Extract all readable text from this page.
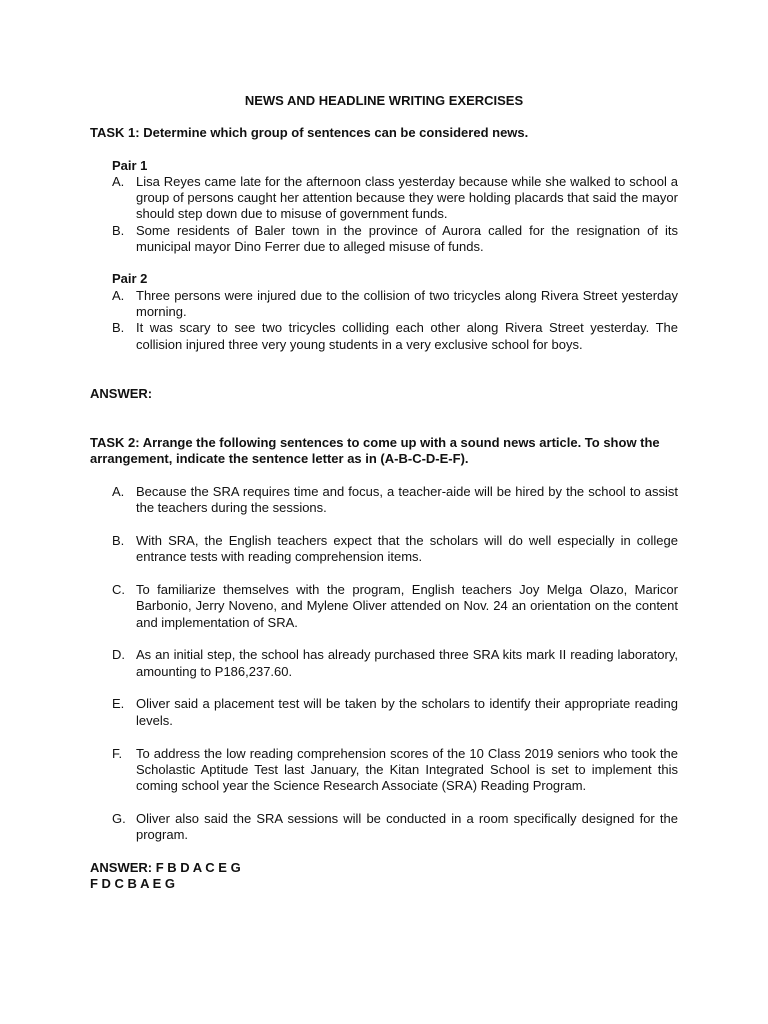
NEWS AND HEADLINE WRITING EXERCISES
TASK 1: Determine which group of sentences can be considered news.
Pair 1
A. Lisa Reyes came late for the afternoon class yesterday because while she walked to school a group of persons caught her attention because they were holding placards that said the mayor should step down due to misuse of government funds.
B. Some residents of Baler town in the province of Aurora called for the resignation of its municipal mayor Dino Ferrer due to alleged misuse of funds.
Pair 2
A. Three persons were injured due to the collision of two tricycles along Rivera Street yesterday morning.
B. It was scary to see two tricycles colliding each other along Rivera Street yesterday. The collision injured three very young students in a very exclusive school for boys.
ANSWER:
TASK 2: Arrange the following sentences to come up with a sound news article. To show the arrangement, indicate the sentence letter as in (A-B-C-D-E-F).
A. Because the SRA requires time and focus, a teacher-aide will be hired by the school to assist the teachers during the sessions.
B. With SRA, the English teachers expect that the scholars will do well especially in college entrance tests with reading comprehension items.
C. To familiarize themselves with the program, English teachers Joy Melga Olazo, Maricor Barbonio, Jerry Noveno, and Mylene Oliver attended on Nov. 24 an orientation on the content and implementation of SRA.
D. As an initial step, the school has already purchased three SRA kits mark II reading laboratory, amounting to P186,237.60.
E. Oliver said a placement test will be taken by the scholars to identify their appropriate reading levels.
F. To address the low reading comprehension scores of the 10 Class 2019 seniors who took the Scholastic Aptitude Test last January, the Kitan Integrated School is set to implement this coming school year the Science Research Associate (SRA) Reading Program.
G. Oliver also said the SRA sessions will be conducted in a room specifically designed for the program.
ANSWER: F B D A C E G
F D C B A E G
